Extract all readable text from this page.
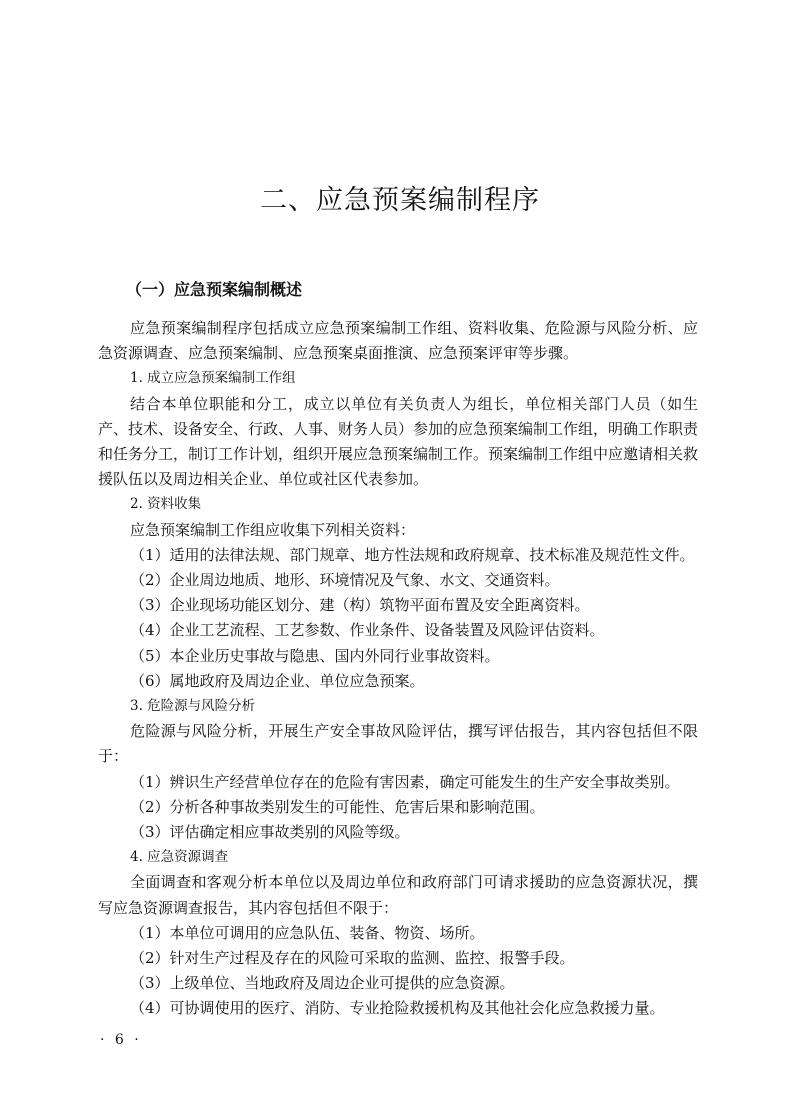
二、应急预案编制程序
（一）应急预案编制概述

应急预案编制程序包括成立应急预案编制工作组、资料收集、危险源与风险分析、应急资源调查、应急预案编制、应急预案桌面推演、应急预案评审等步骤。

1. 成立应急预案编制工作组

结合本单位职能和分工，成立以单位有关负责人为组长，单位相关部门人员（如生产、技术、设备安全、行政、人事、财务人员）参加的应急预案编制工作组，明确工作职责和任务分工，制订工作计划，组织开展应急预案编制工作。预案编制工作组中应邀请相关救援队伍以及周边相关企业、单位或社区代表参加。

2. 资料收集

应急预案编制工作组应收集下列相关资料：

（1）适用的法律法规、部门规章、地方性法规和政府规章、技术标准及规范性文件。

（2）企业周边地质、地形、环境情况及气象、水文、交通资料。

（3）企业现场功能区划分、建（构）筑物平面布置及安全距离资料。

（4）企业工艺流程、工艺参数、作业条件、设备装置及风险评估资料。

（5）本企业历史事故与隐患、国内外同行业事故资料。

（6）属地政府及周边企业、单位应急预案。

3. 危险源与风险分析

危险源与风险分析，开展生产安全事故风险评估，撰写评估报告，其内容包括但不限于：

（1）辨识生产经营单位存在的危险有害因素，确定可能发生的生产安全事故类别。

（2）分析各种事故类别发生的可能性、危害后果和影响范围。

（3）评估确定相应事故类别的风险等级。

4. 应急资源调查

全面调查和客观分析本单位以及周边单位和政府部门可请求援助的应急资源状况，撰写应急资源调查报告，其内容包括但不限于：

（1）本单位可调用的应急队伍、装备、物资、场所。

（2）针对生产过程及存在的风险可采取的监测、监控、报警手段。

（3）上级单位、当地政府及周边企业可提供的应急资源。

（4）可协调使用的医疗、消防、专业抢险救援机构及其他社会化应急救援力量。

· 6 ·
